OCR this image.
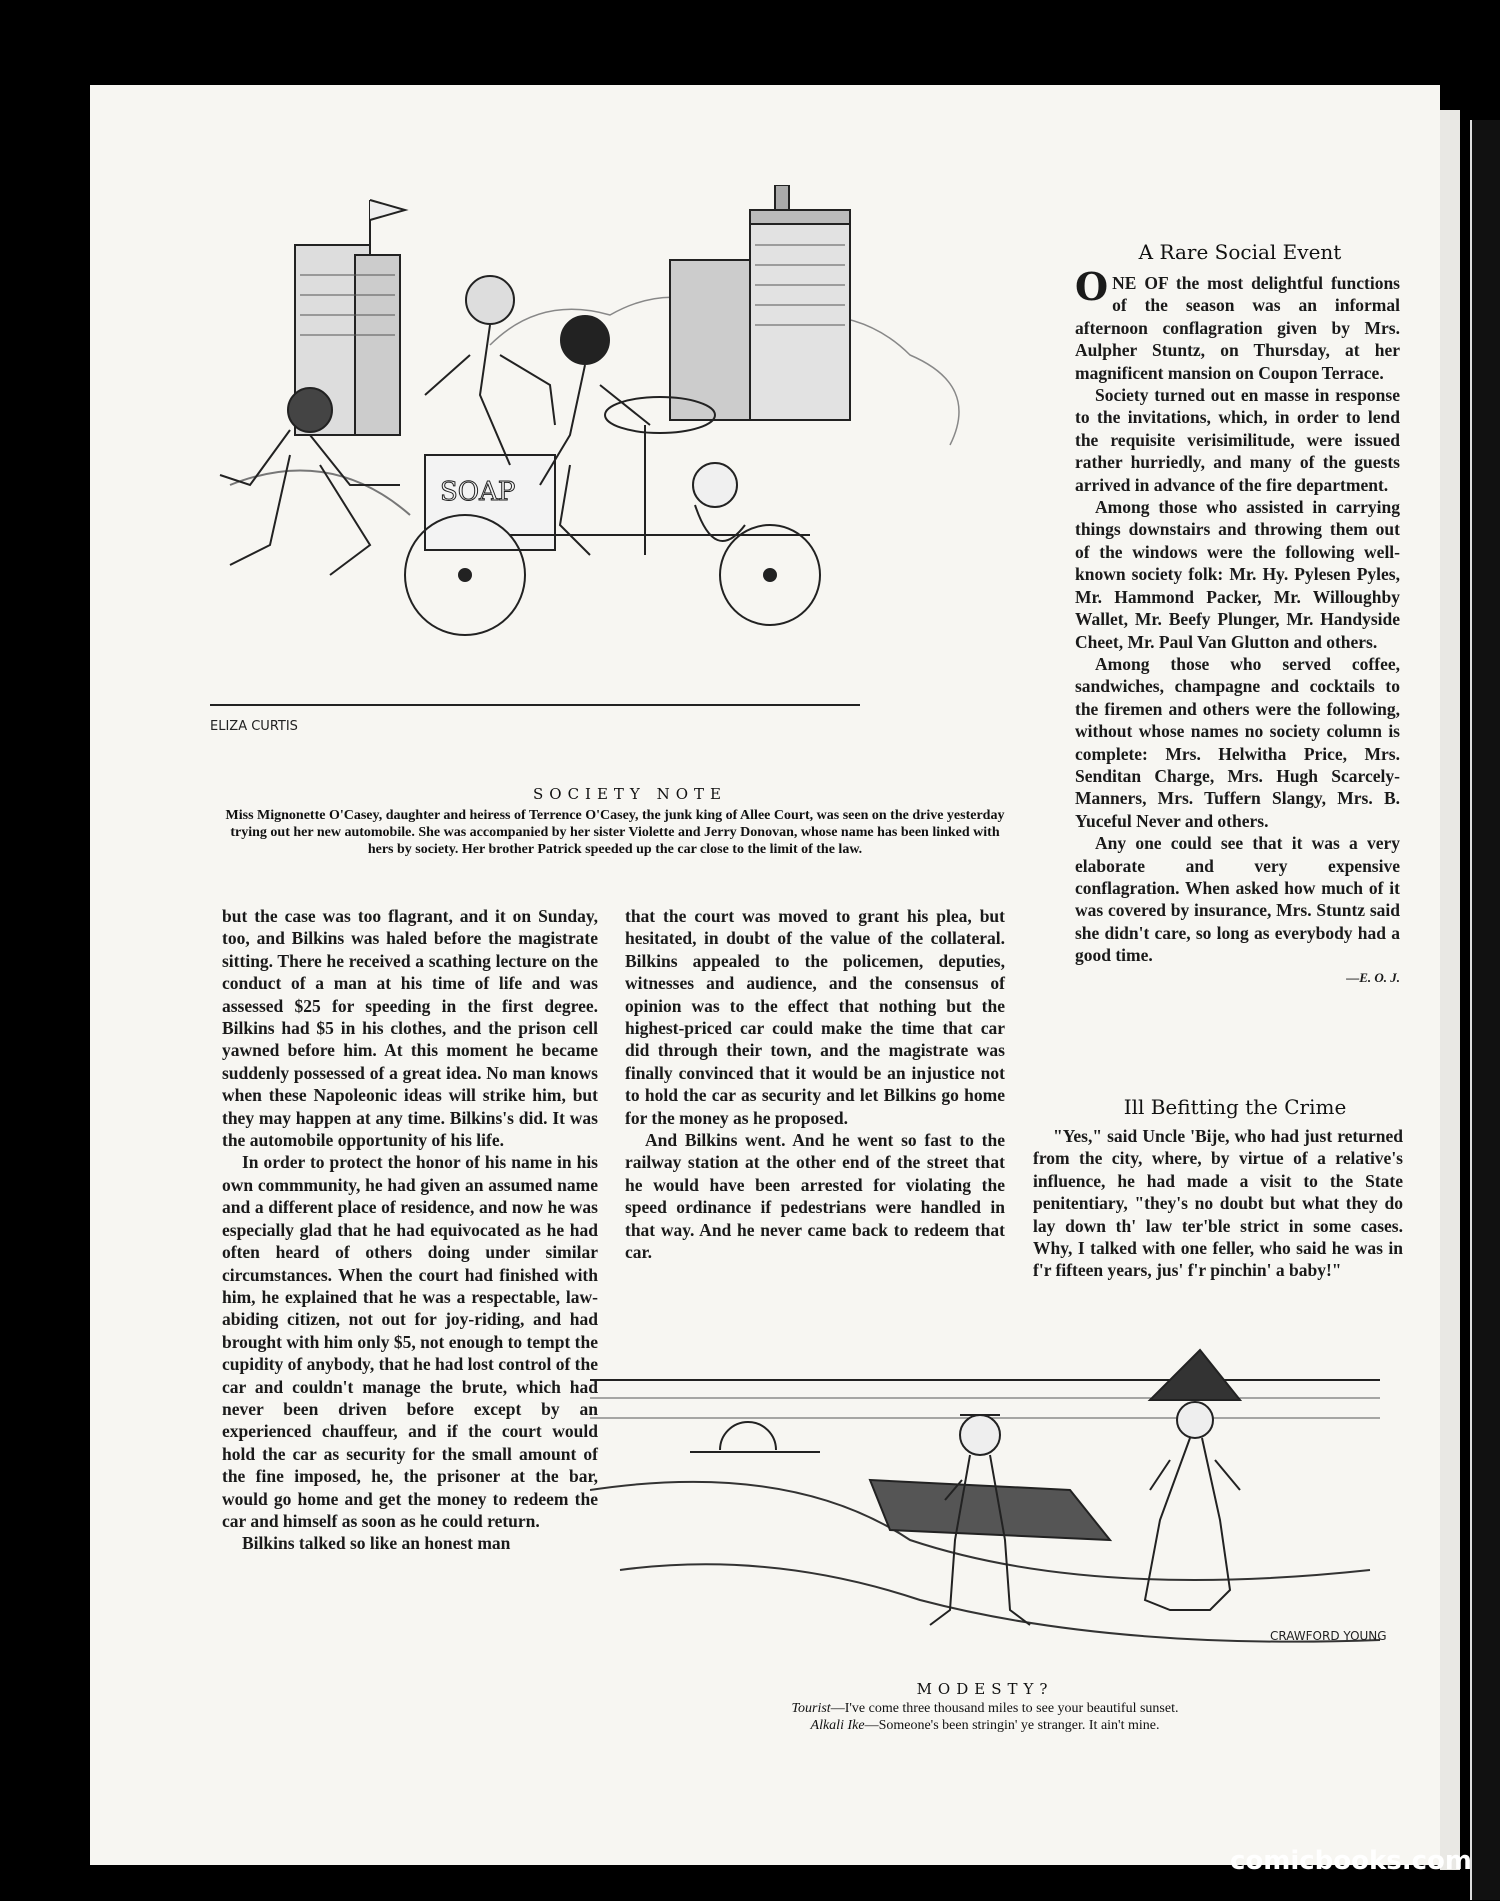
SOAP
ELIZA CURTIS
SOCIETY NOTE
Miss Mignonette O'Casey, daughter and heiress of Terrence O'Casey, the junk king of Allee Court, was seen on the drive yesterday trying out her new automobile. She was accompanied by her sister Violette and Jerry Donovan, whose name has been linked with hers by society. Her brother Patrick speeded up the car close to the limit of the law.

but the case was too flagrant, and it on Sunday, too, and Bilkins was haled before the magistrate sitting. There he received a scathing lecture on the conduct of a man at his time of life and was assessed $25 for speeding in the first degree. Bilkins had $5 in his clothes, and the prison cell yawned before him. At this moment he became suddenly possessed of a great idea. No man knows when these Napoleonic ideas will strike him, but they may happen at any time. Bilkins's did. It was the automobile opportunity of his life.

In order to protect the honor of his name in his own commmunity, he had given an assumed name and a different place of residence, and now he was especially glad that he had equivocated as he had often heard of others doing under similar circumstances. When the court had finished with him, he explained that he was a respectable, law-abiding citizen, not out for joy-riding, and had brought with him only $5, not enough to tempt the cupidity of anybody, that he had lost control of the car and couldn't manage the brute, which had never been driven before except by an experienced chauffeur, and if the court would hold the car as security for the small amount of the fine imposed, he, the prisoner at the bar, would go home and get the money to redeem the car and himself as soon as he could return.

Bilkins talked so like an honest man

that the court was moved to grant his plea, but hesitated, in doubt of the value of the collateral. Bilkins appealed to the policemen, deputies, witnesses and audience, and the consensus of opinion was to the effect that nothing but the highest-priced car could make the time that car did through their town, and the magistrate was finally convinced that it would be an injustice not to hold the car as security and let Bilkins go home for the money as he proposed.

And Bilkins went. And he went so fast to the railway station at the other end of the street that he would have been arrested for violating the speed ordinance if pedestrians were handled in that way. And he never came back to redeem that car.

A Rare Social Event

ONE OF the most delightful functions of the season was an informal afternoon conflagration given by Mrs. Aulpher Stuntz, on Thursday, at her magnificent mansion on Coupon Terrace.

Society turned out en masse in response to the invitations, which, in order to lend the requisite verisimilitude, were issued rather hurriedly, and many of the guests arrived in advance of the fire department.

Among those who assisted in carrying things downstairs and throwing them out of the windows were the following well-known society folk: Mr. Hy. Pylesen Pyles, Mr. Hammond Packer, Mr. Willoughby Wallet, Mr. Beefy Plunger, Mr. Handyside Cheet, Mr. Paul Van Glutton and others.

Among those who served coffee, sandwiches, champagne and cocktails to the firemen and others were the following, without whose names no society column is complete: Mrs. Helwitha Price, Mrs. Senditan Charge, Mrs. Hugh Scarcely-Manners, Mrs. Tuffern Slangy, Mrs. B. Yuceful Never and others.

Any one could see that it was a very elaborate and very expensive conflagration. When asked how much of it was covered by insurance, Mrs. Stuntz said she didn't care, so long as everybody had a good time.

—E. O. J.
Ill Befitting the Crime

"Yes," said Uncle 'Bije, who had just returned from the city, where, by virtue of a relative's influence, he had made a visit to the State penitentiary, "they's no doubt but what they do lay down th' law ter'ble strict in some cases. Why, I talked with one feller, who said he was in f'r fifteen years, jus' f'r pinchin' a baby!"

CRAWFORD YOUNG
MODESTY?
Tourist—I've come three thousand miles to see your beautiful sunset.
Alkali Ike—Someone's been stringin' ye stranger. It ain't mine.
comicbooks.com
